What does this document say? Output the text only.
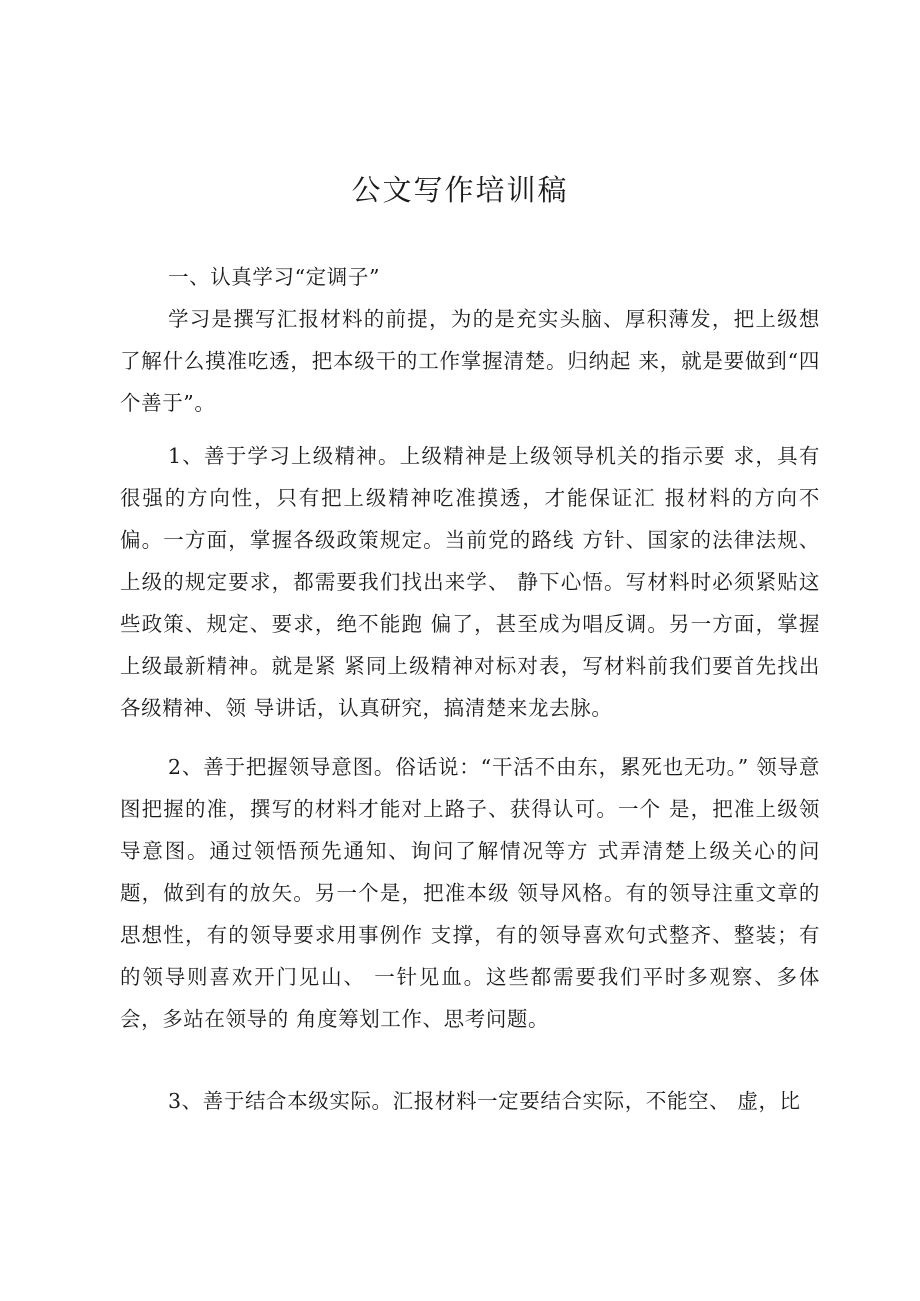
公文写作培训稿
一、认真学习“定调子”

学习是撰写汇报材料的前提，为的是充实头脑、厚积薄发，把上级想了解什么摸准吃透，把本级干的工作掌握清楚。归纳起 来，就是要做到“四个善于”。

1、善于学习上级精神。上级精神是上级领导机关的指示要 求，具有很强的方向性，只有把上级精神吃准摸透，才能保证汇 报材料的方向不偏。一方面，掌握各级政策规定。当前党的路线 方针、国家的法律法规、上级的规定要求，都需要我们找出来学、 静下心悟。写材料时必须紧贴这些政策、规定、要求，绝不能跑 偏了，甚至成为唱反调。另一方面，掌握上级最新精神。就是紧 紧同上级精神对标对表，写材料前我们要首先找出各级精神、领 导讲话，认真研究，搞清楚来龙去脉。

2、善于把握领导意图。俗话说：“干活不由东，累死也无功。” 领导意图把握的准，撰写的材料才能对上路子、获得认可。一个 是，把准上级领导意图。通过领悟预先通知、询问了解情况等方 式弄清楚上级关心的问题，做到有的放矢。另一个是，把准本级 领导风格。有的领导注重文章的思想性，有的领导要求用事例作 支撑，有的领导喜欢句式整齐、整装；有的领导则喜欢开门见山、 一针见血。这些都需要我们平时多观察、多体会，多站在领导的 角度筹划工作、思考问题。

3、善于结合本级实际。汇报材料一定要结合实际，不能空、 虚，比
